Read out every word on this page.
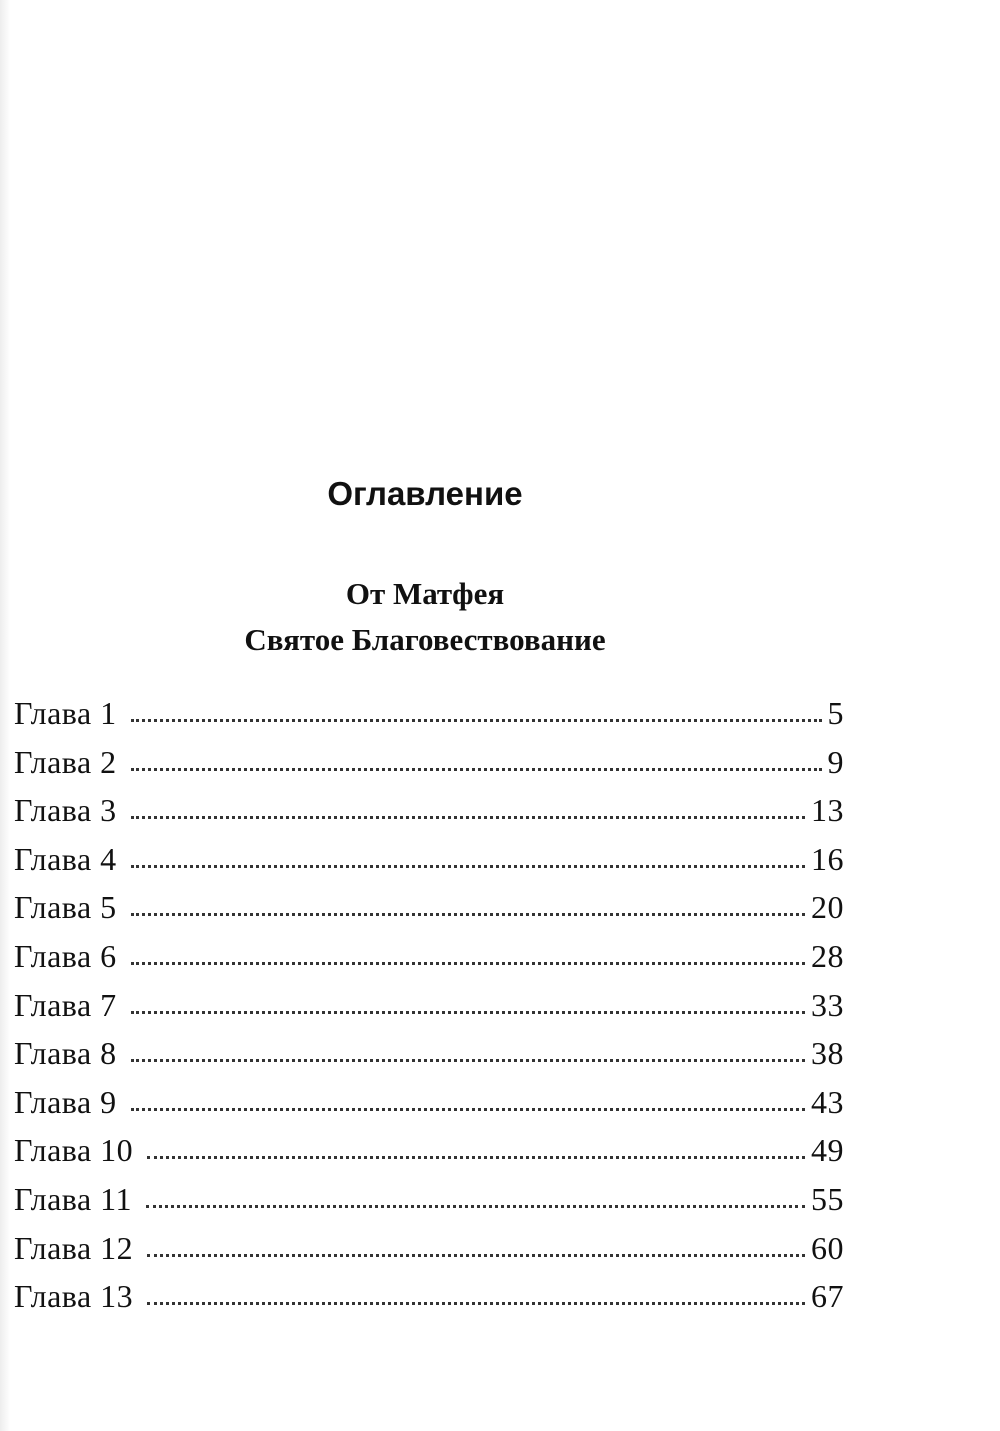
Оглавление
От Матфея
Святое Благовествование
Глава 1	5
Глава 2	9
Глава 3	13
Глава 4	16
Глава 5	20
Глава 6	28
Глава 7	33
Глава 8	38
Глава 9	43
Глава 10	49
Глава 11	55
Глава 12	60
Глава 13	67
